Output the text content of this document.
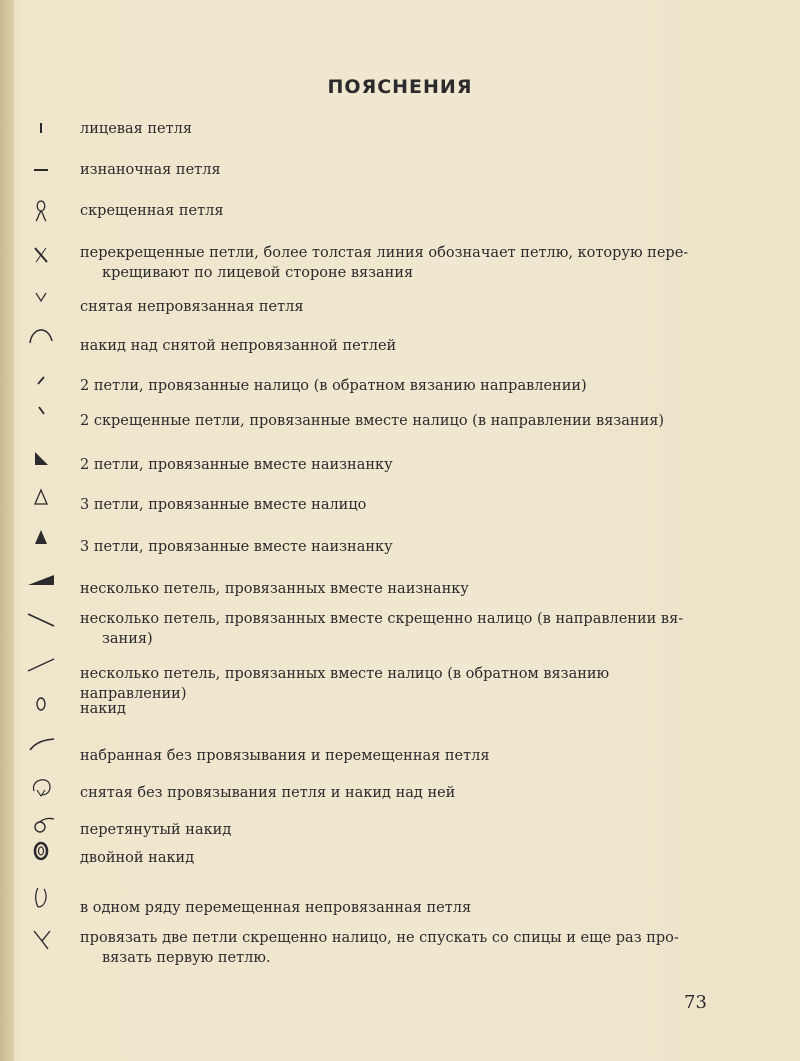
ПОЯСНЕНИЯ
лицевая петля
изнаночная петля
скрещенная петля
перекрещенные петли, более толстая линия обозначает петлю, которую пере-
крещивают по лицевой стороне вязания
снятая непровязанная петля
накид над снятой непровязанной петлей
2 петли, провязанные налицо (в обратном вязанию направлении)
2 скрещенные петли, провязанные вместе налицо (в направлении вязания)
2 петли, провязанные вместе наизнанку
3 петли, провязанные вместе налицо
3 петли, провязанные вместе наизнанку
несколько петель, провязанных вместе наизнанку
несколько петель, провязанных вместе скрещенно налицо (в направлении вя-
зания)
несколько петель, провязанных вместе налицо (в обратном вязанию направлении)
накид
набранная без провязывания и перемещенная петля
снятая без провязывания петля и накид над ней
перетянутый накид
двойной накид
в одном ряду перемещенная непровязанная петля
провязать две петли скрещенно налицо, не спускать со спицы и еще раз про-
вязать первую петлю.
73
